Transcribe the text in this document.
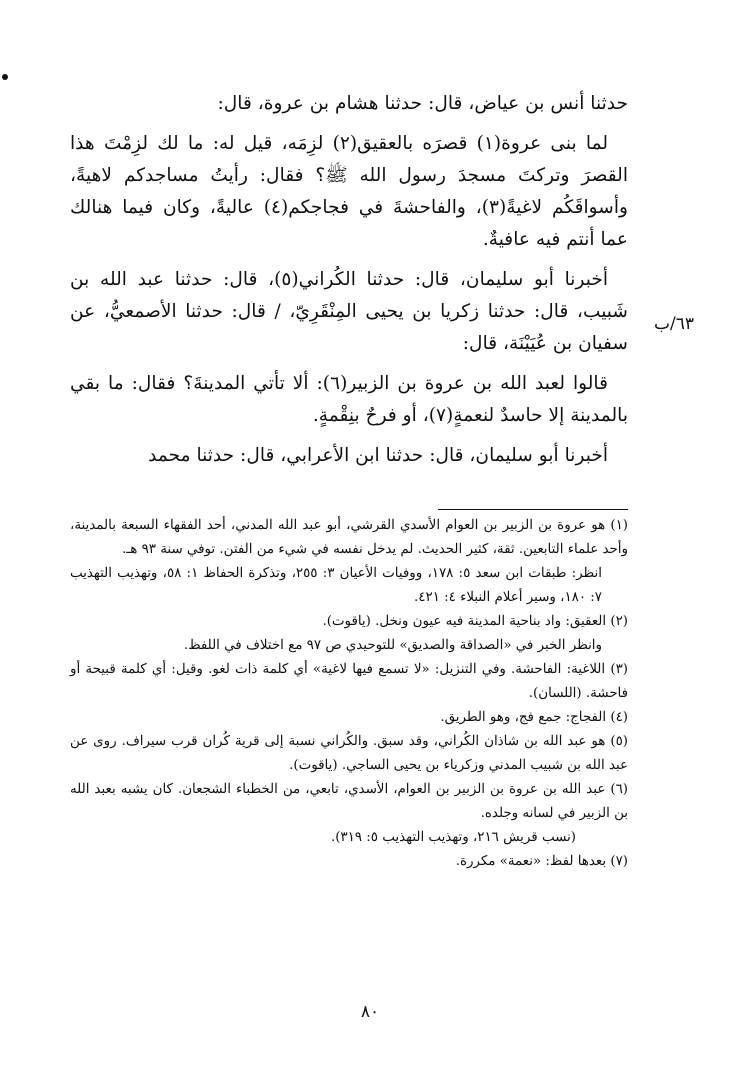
حدثنا أنس بن عياض، قال: حدثنا هشام بن عروة، قال:

لما بنى عروة(١) قصرَه بالعقيق(٢) لزِمَه، قيل له: ما لك لزِمْتَ هذا القصرَ وتركتَ مسجدَ رسول الله ﷺ؟ فقال: رأيتُ مساجدكم لاهيةً، وأسواقَكُم لاغيةً(٣)، والفاحشةَ في فجاجكم(٤) عاليةً، وكان فيما هنالك عما أنتم فيه عافيةٌ.

أخبرنا أبو سليمان، قال: حدثنا الكُراني(٥)، قال: حدثنا عبد الله بن شَبيب، قال: حدثنا زكريا بن يحيى المِنْقَرِيّ، / قال: حدثنا الأصمعيُّ، عن سفيان بن عُيَيْنَة، قال:

قالوا لعبد الله بن عروة بن الزبير(٦): ألا تأتي المدينةَ؟ فقال: ما بقي بالمدينة إلا حاسدٌ لنعمةٍ(٧)، أو فرحٌ بنِقْمةٍ.

أخبرنا أبو سليمان، قال: حدثنا ابن الأعرابي، قال: حدثنا محمد

٦٣/ب

(١) هو عروة بن الزبير بن العوام الأسدي القرشي، أبو عبد الله المدني، أحد الفقهاء السبعة بالمدينة، وأحد علماء التابعين. ثقة، كثير الحديث. لم يدخل نفسه في شيء من الفتن. توفي سنة ٩٣ هـ.

انظر: طبقات ابن سعد ٥: ١٧٨، ووفيات الأعيان ٣: ٢٥٥، وتذكرة الحفاظ ١: ٥٨، وتهذيب التهذيب ٧: ١٨٠، وسير أعلام النبلاء ٤: ٤٢١.

(٢) العقيق: واد بناحية المدينة فيه عيون ونخل. (ياقوت).

وانظر الخبر في «الصداقة والصديق» للتوحيدي ص ٩٧ مع اختلاف في اللفظ.

(٣) اللاغية: الفاحشة. وفي التنزيل: «لا تسمع فيها لاغية» أي كلمة ذات لغو. وقيل: أي كلمة قبيحة أو فاحشة. (اللسان).

(٤) الفجاج: جمع فج، وهو الطريق.

(٥) هو عبد الله بن شاذان الكُراني، وقد سبق. والكُراني نسبة إلى قرية كُران قرب سيراف. روى عن عبد الله بن شبيب المدني وزكرياء بن يحيى الساجي. (ياقوت).

(٦) عبد الله بن عروة بن الزبير بن العوام، الأسدي، تابعي، من الخطباء الشجعان. كان يشبه بعبد الله بن الزبير في لسانه وجلده.

(نسب قريش ٢١٦، وتهذيب التهذيب ٥: ٣١٩).

(٧) بعدها لفظ: «نعمة» مكررة.

٨٠
